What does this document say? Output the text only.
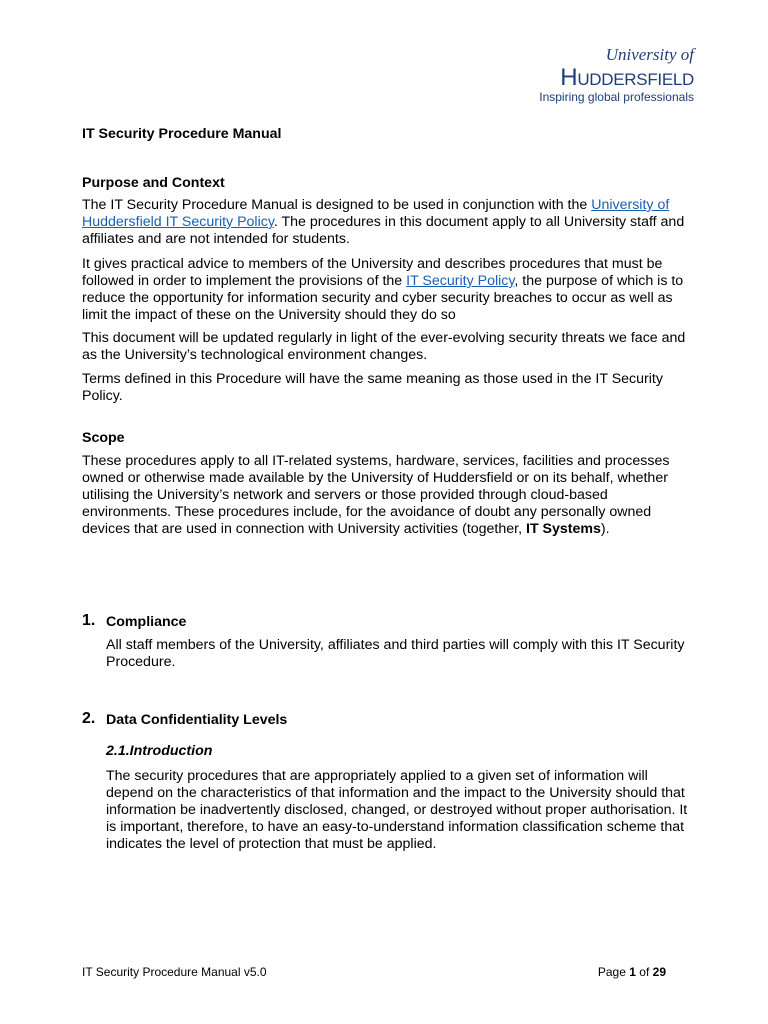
University of
Huddersfield
Inspiring global professionals
IT Security Procedure Manual
Purpose and Context

The IT Security Procedure Manual is designed to be used in conjunction with the University of Huddersfield IT Security Policy. The procedures in this document apply to all University staff and affiliates and are not intended for students.

It gives practical advice to members of the University and describes procedures that must be followed in order to implement the provisions of the IT Security Policy, the purpose of which is to reduce the opportunity for information security and cyber security breaches to occur as well as limit the impact of these on the University should they do so

This document will be updated regularly in light of the ever-evolving security threats we face and as the University’s technological environment changes.

Terms defined in this Procedure will have the same meaning as those used in the IT Security Policy.

Scope

These procedures apply to all IT-related systems, hardware, services, facilities and processes owned or otherwise made available by the University of Huddersfield or on its behalf, whether utilising the University’s network and servers or those provided through cloud-based environments. These procedures include, for the avoidance of doubt any personally owned devices that are used in connection with University activities (together, IT Systems).

1. Compliance

All staff members of the University, affiliates and third parties will comply with this IT Security Procedure.

2. Data Confidentiality Levels
2.1.Introduction

The security procedures that are appropriately applied to a given set of information will depend on the characteristics of that information and the impact to the University should that information be inadvertently disclosed, changed, or destroyed without proper authorisation. It is important, therefore, to have an easy-to-understand information classification scheme that indicates the level of protection that must be applied.

IT Security Procedure Manual v5.0	Page 1 of 29
